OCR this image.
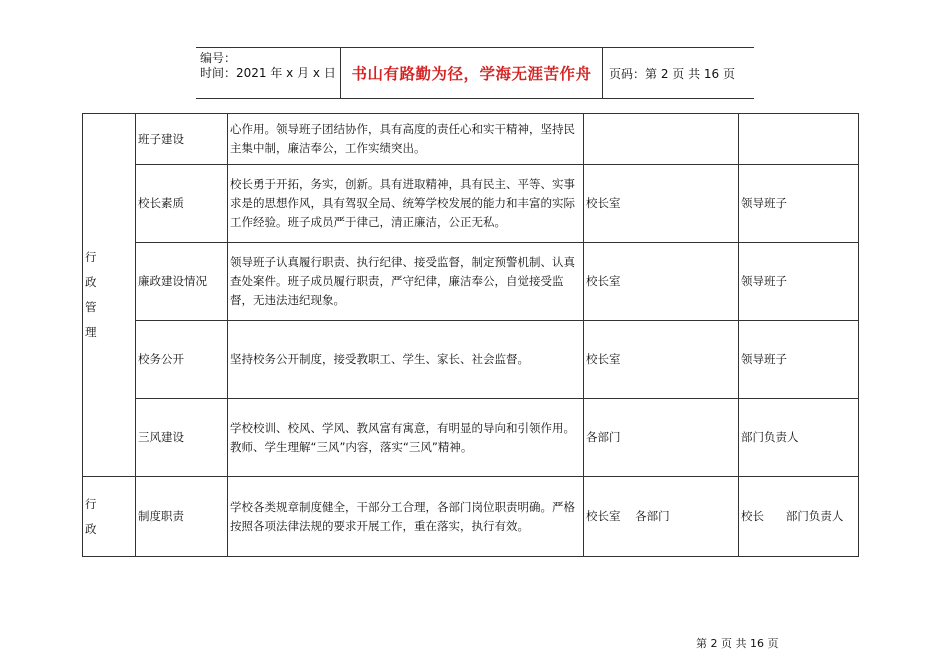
编号：
时间：2021 年 x 月 x 日	书山有路勤为径，学海无涯苦作舟	页码：第 2 页 共 16 页
行
政
管
理	班子建设	心作用。领导班子团结协作，具有高度的责任心和实干精神，坚持民主集中制，廉洁奉公，工作实绩突出。		
	校长素质	校长勇于开拓，务实，创新。具有进取精神，具有民主、平等、实事求是的思想作风，具有驾驭全局、统筹学校发展的能力和丰富的实际工作经验。班子成员严于律己，清正廉洁，公正无私。	校长室	领导班子
	廉政建设情况	领导班子认真履行职责、执行纪律、接受监督，制定预警机制、认真查处案件。班子成员履行职责，严守纪律，廉洁奉公，自觉接受监督，无违法违纪现象。	校长室	领导班子
	校务公开	坚持校务公开制度，接受教职工、学生、家长、社会监督。	校长室	领导班子
	三风建设	学校校训、校风、学风、教风富有寓意，有明显的导向和引领作用。教师、学生理解“三风”内容，落实“三风”精神。	各部门	部门负责人

行
政	制度职责	学校各类规章制度健全，干部分工合理，各部门岗位职责明确。严格按照各项法律法规的要求开展工作，重在落实，执行有效。	校长室    各部门	校长      部门负责人
第 2 页 共 16 页
